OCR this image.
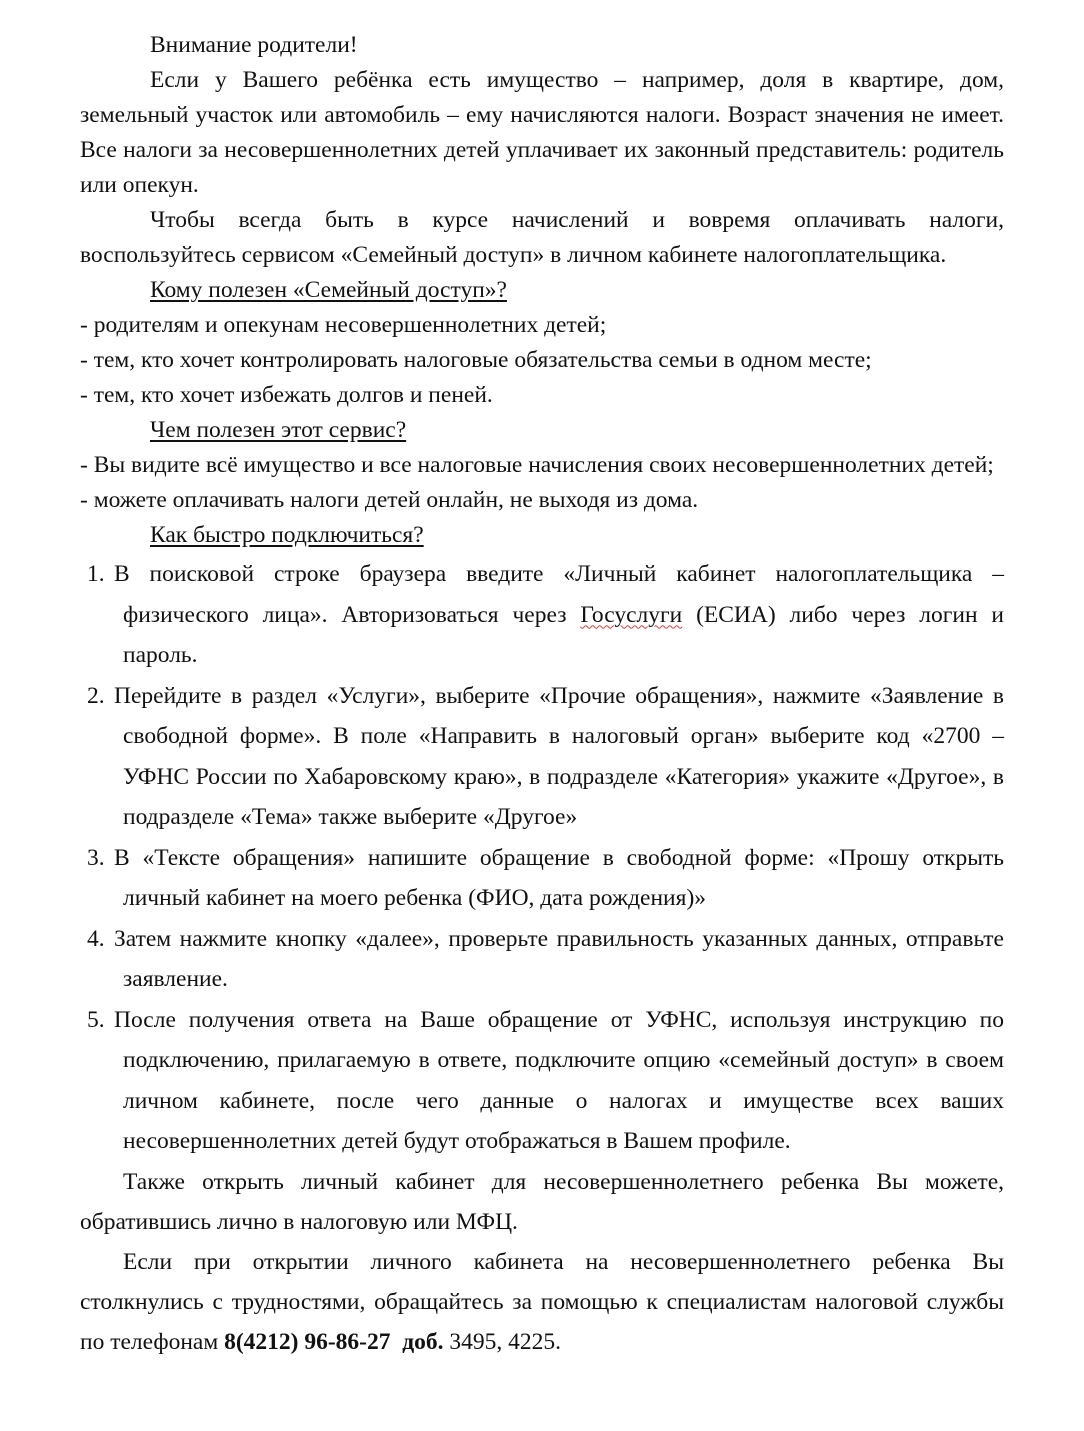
Внимание родители!

Если у Вашего ребёнка есть имущество – например, доля в квартире, дом, земельный участок или автомобиль – ему начисляются налоги. Возраст значения не имеет. Все налоги за несовершеннолетних детей уплачивает их законный представитель: родитель или опекун.

Чтобы всегда быть в курсе начислений и вовремя оплачивать налоги, воспользуйтесь сервисом «Семейный доступ» в личном кабинете налогоплательщика.

Кому полезен «Семейный доступ»?

- родителям и опекунам несовершеннолетних детей;

- тем, кто хочет контролировать налоговые обязательства семьи в одном месте;

- тем, кто хочет избежать долгов и пеней.

Чем полезен этот сервис?

- Вы видите всё имущество и все налоговые начисления своих несовершеннолетних детей;

- можете оплачивать налоги детей онлайн, не выходя из дома.

Как быстро подключиться?

1. В поисковой строке браузера введите «Личный кабинет налогоплательщика – физического лица». Авторизоваться через Госуслуги (ЕСИА) либо через логин и пароль.

2. Перейдите в раздел «Услуги», выберите «Прочие обращения», нажмите «Заявление в свободной форме». В поле «Направить в налоговый орган» выберите код «2700 – УФНС России по Хабаровскому краю», в подразделе «Категория» укажите «Другое», в подразделе «Тема» также выберите «Другое»

3. В «Тексте обращения» напишите обращение в свободной форме: «Прошу открыть личный кабинет на моего ребенка (ФИО, дата рождения)»

4. Затем нажмите кнопку «далее», проверьте правильность указанных данных, отправьте заявление.

5. После получения ответа на Ваше обращение от УФНС, используя инструкцию по подключению, прилагаемую в ответе, подключите опцию «семейный доступ» в своем личном кабинете, после чего данные о налогах и имуществе всех ваших несовершеннолетних детей будут отображаться в Вашем профиле.

Также открыть личный кабинет для несовершеннолетнего ребенка Вы можете, обратившись лично в налоговую или МФЦ.

Если при открытии личного кабинета на несовершеннолетнего ребенка Вы столкнулись с трудностями, обращайтесь за помощью к специалистам налоговой службы по телефонам 8(4212) 96-86-27 доб. 3495, 4225.
